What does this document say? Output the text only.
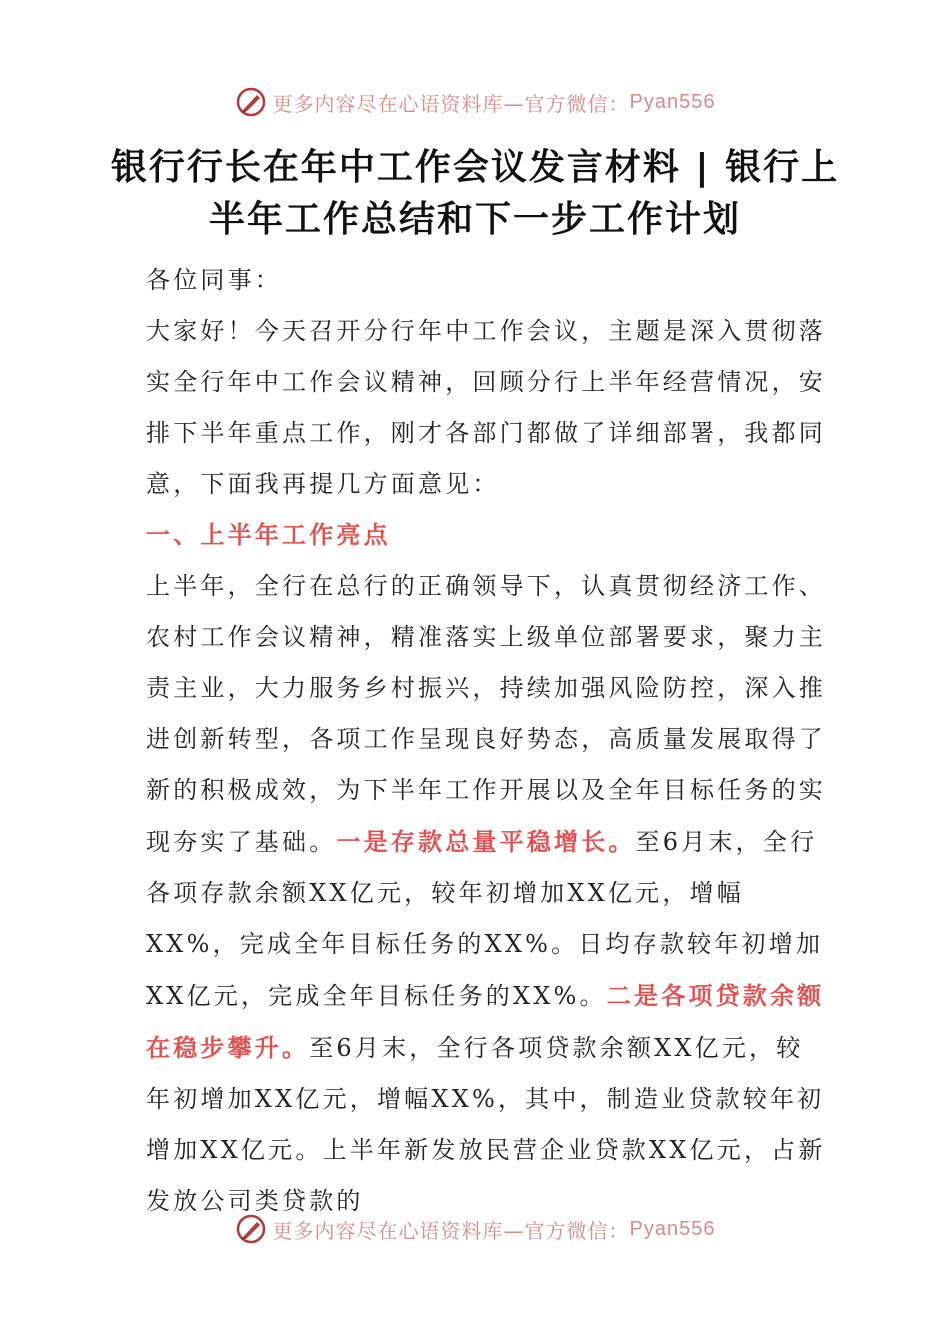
更多内容尽在心语资料库—官方微信： Pyan556
银行行长在年中工作会议发言材料 | 银行上半年工作总结和下一步工作计划

各位同事：

大家好！今天召开分行年中工作会议，主题是深入贯彻落实全行年中工作会议精神，回顾分行上半年经营情况，安排下半年重点工作，刚才各部门都做了详细部署，我都同意，下面我再提几方面意见：

一、上半年工作亮点

上半年，全行在总行的正确领导下，认真贯彻经济工作、农村工作会议精神，精准落实上级单位部署要求，聚力主责主业，大力服务乡村振兴，持续加强风险防控，深入推进创新转型，各项工作呈现良好势态，高质量发展取得了新的积极成效，为下半年工作开展以及全年目标任务的实现夯实了基础。一是存款总量平稳增长。至6月末，全行各项存款余额XX亿元，较年初增加XX亿元，增幅XX%，完成全年目标任务的XX%。日均存款较年初增加XX亿元，完成全年目标任务的XX%。二是各项贷款余额在稳步攀升。至6月末，全行各项贷款余额XX亿元，较年初增加XX亿元，增幅XX%，其中，制造业贷款较年初增加XX亿元。上半年新发放民营企业贷款XX亿元，占新发放公司类贷款的

更多内容尽在心语资料库—官方微信： Pyan556
